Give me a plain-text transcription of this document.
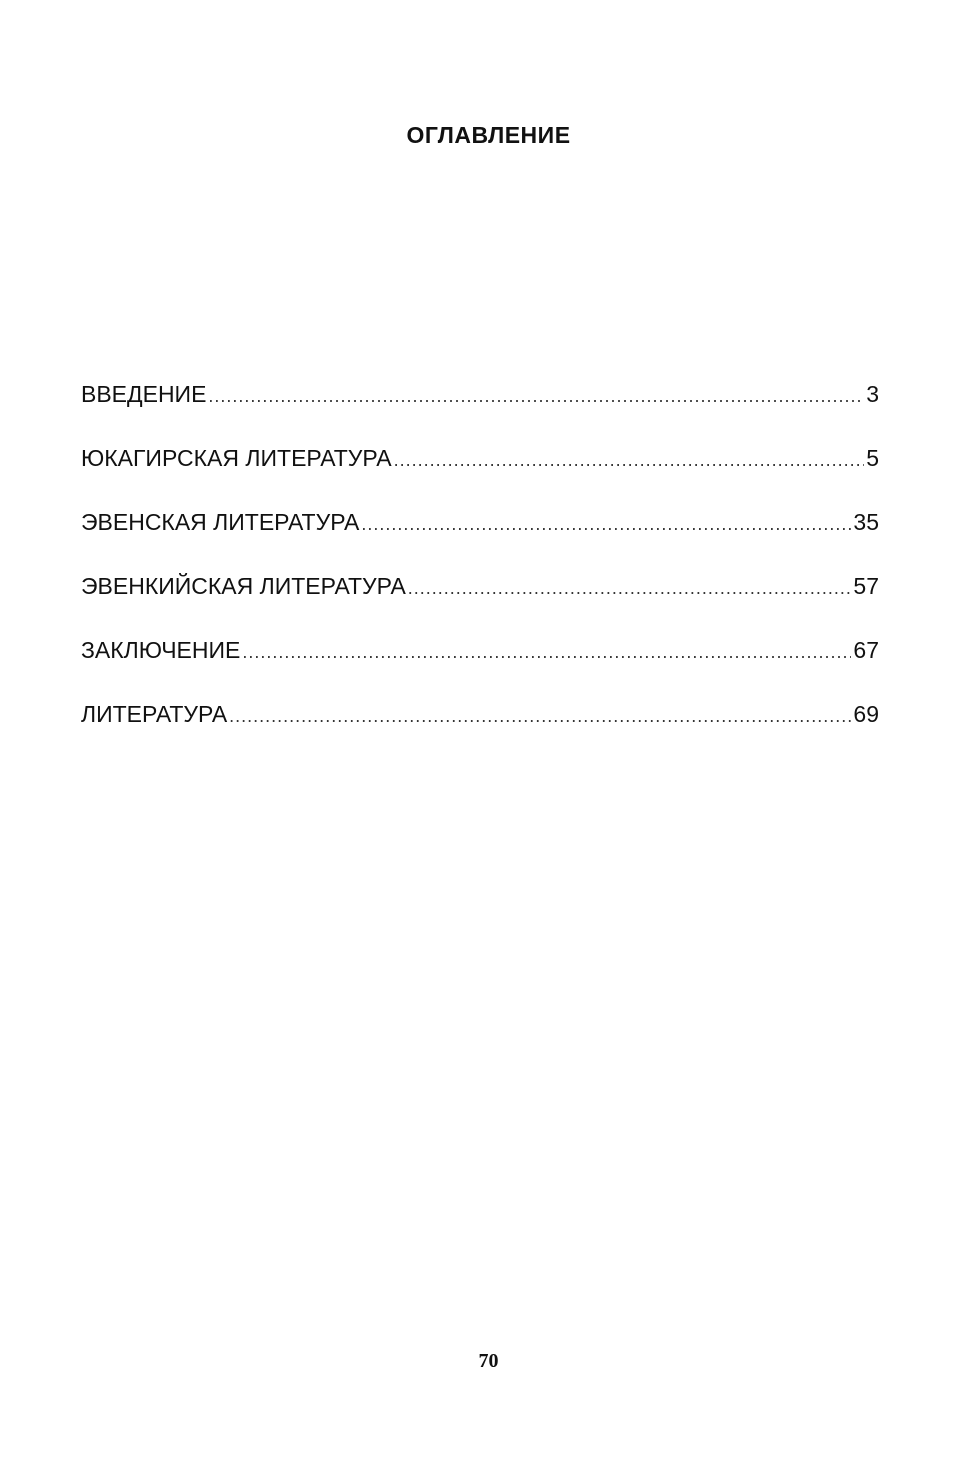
ОГЛАВЛЕНИЕ
ВВЕДЕНИЕ .....	3
ЮКАГИРСКАЯ ЛИТЕРАТУРА .....	5
ЭВЕНСКАЯ ЛИТЕРАТУРА .....	35
ЭВЕНКИЙСКАЯ ЛИТЕРАТУРА .....	57
ЗАКЛЮЧЕНИЕ .....	67
ЛИТЕРАТУРА .....	69

70
